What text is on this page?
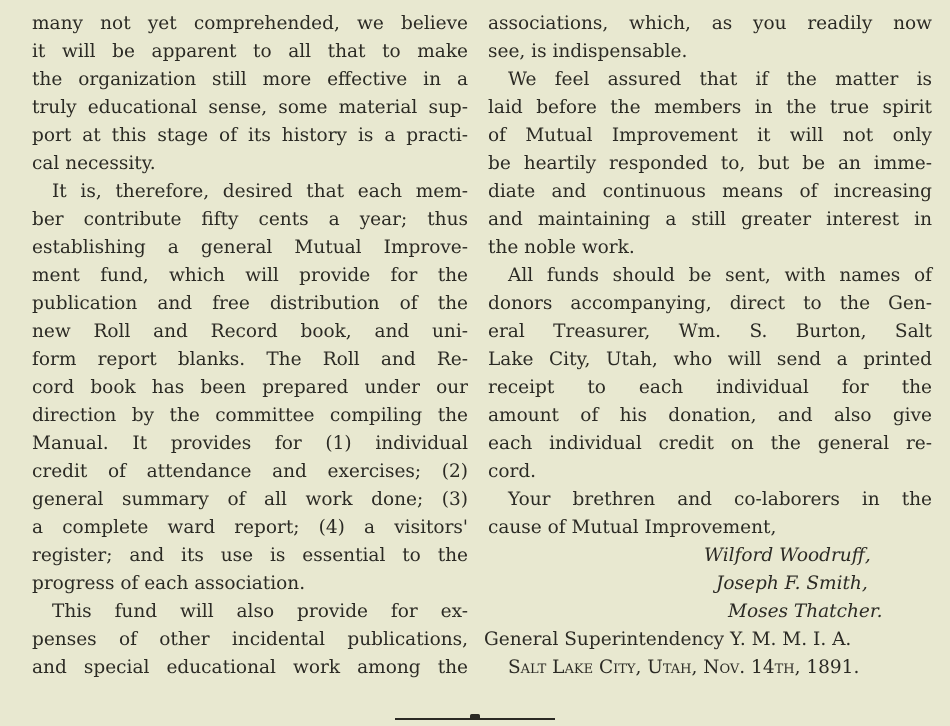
many not yet comprehended, we believe
it will be apparent to all that to make
the organization still more effective in a
truly educational sense, some material sup-
port at this stage of its history is a practi-
cal necessity.
It is, therefore, desired that each mem-
ber contribute fifty cents a year; thus
establishing a general Mutual Improve-
ment fund, which will provide for the
publication and free distribution of the
new Roll and Record book, and uni-
form report blanks. The Roll and Re-
cord book has been prepared under our
direction by the committee compiling the
Manual. It provides for (1) individual
credit of attendance and exercises; (2)
general summary of all work done; (3)
a complete ward report; (4) a visitors'
register; and its use is essential to the
progress of each association.
This fund will also provide for ex-
penses of other incidental publications,
and special educational work among the
associations, which, as you readily now
see, is indispensable.
We feel assured that if the matter is
laid before the members in the true spirit
of Mutual Improvement it will not only
be heartily responded to, but be an imme-
diate and continuous means of increasing
and maintaining a still greater interest in
the noble work.
All funds should be sent, with names of
donors accompanying, direct to the Gen-
eral Treasurer, Wm. S. Burton, Salt
Lake City, Utah, who will send a printed
receipt to each individual for the
amount of his donation, and also give
each individual credit on the general re-
cord.
Your brethren and co-laborers in the
cause of Mutual Improvement,
Wilford Woodruff,
Joseph F. Smith,
Moses Thatcher.
General Superintendency Y. M. M. I. A.
Salt Lake City, Utah, Nov. 14th, 1891.
